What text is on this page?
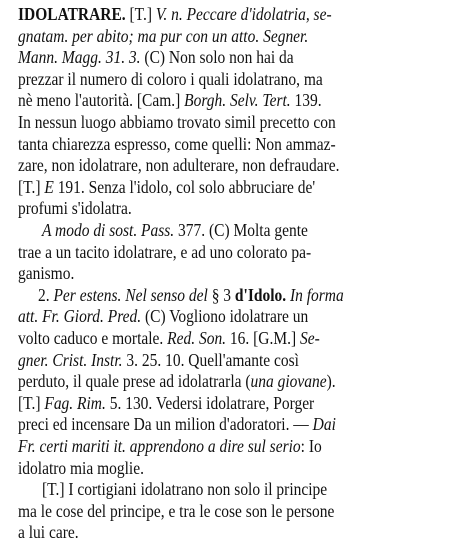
IDOLATRARE. [T.] V. n. Peccare d'idolatria, se-
gnatam. per abito; ma pur con un atto. Segner.
Mann. Magg. 31. 3. (C) Non solo non hai da
prezzar il numero di coloro i quali idolatrano, ma
nè meno l'autorità. [Cam.] Borgh. Selv. Tert. 139.
In nessun luogo abbiamo trovato simil precetto con
tanta chiarezza espresso, come quelli: Non ammaz-
zare, non idolatrare, non adulterare, non defraudare.
[T.] E 191. Senza l'idolo, col solo abbruciare de'
profumi s'idolatra.
A modo di sost. Pass. 377. (C) Molta gente
trae a un tacito idolatrare, e ad uno colorato pa-
ganismo.
2. Per estens. Nel senso del § 3 d'Idolo. In forma
att. Fr. Giord. Pred. (C) Vogliono idolatrare un
volto caduco e mortale. Red. Son. 16. [G.M.] Se-
gner. Crist. Instr. 3. 25. 10. Quell'amante così
perduto, il quale prese ad idolatrarla (una giovane).
[T.] Fag. Rim. 5. 130. Vedersi idolatrare, Porger
preci ed incensare Da un milion d'adoratori. — Dai
Fr. certi mariti it. apprendono a dire sul serio: Io
idolatro mia moglie.
[T.] I cortigiani idolatrano non solo il principe
ma le cose del principe, e tra le cose son le persone
a lui care.
